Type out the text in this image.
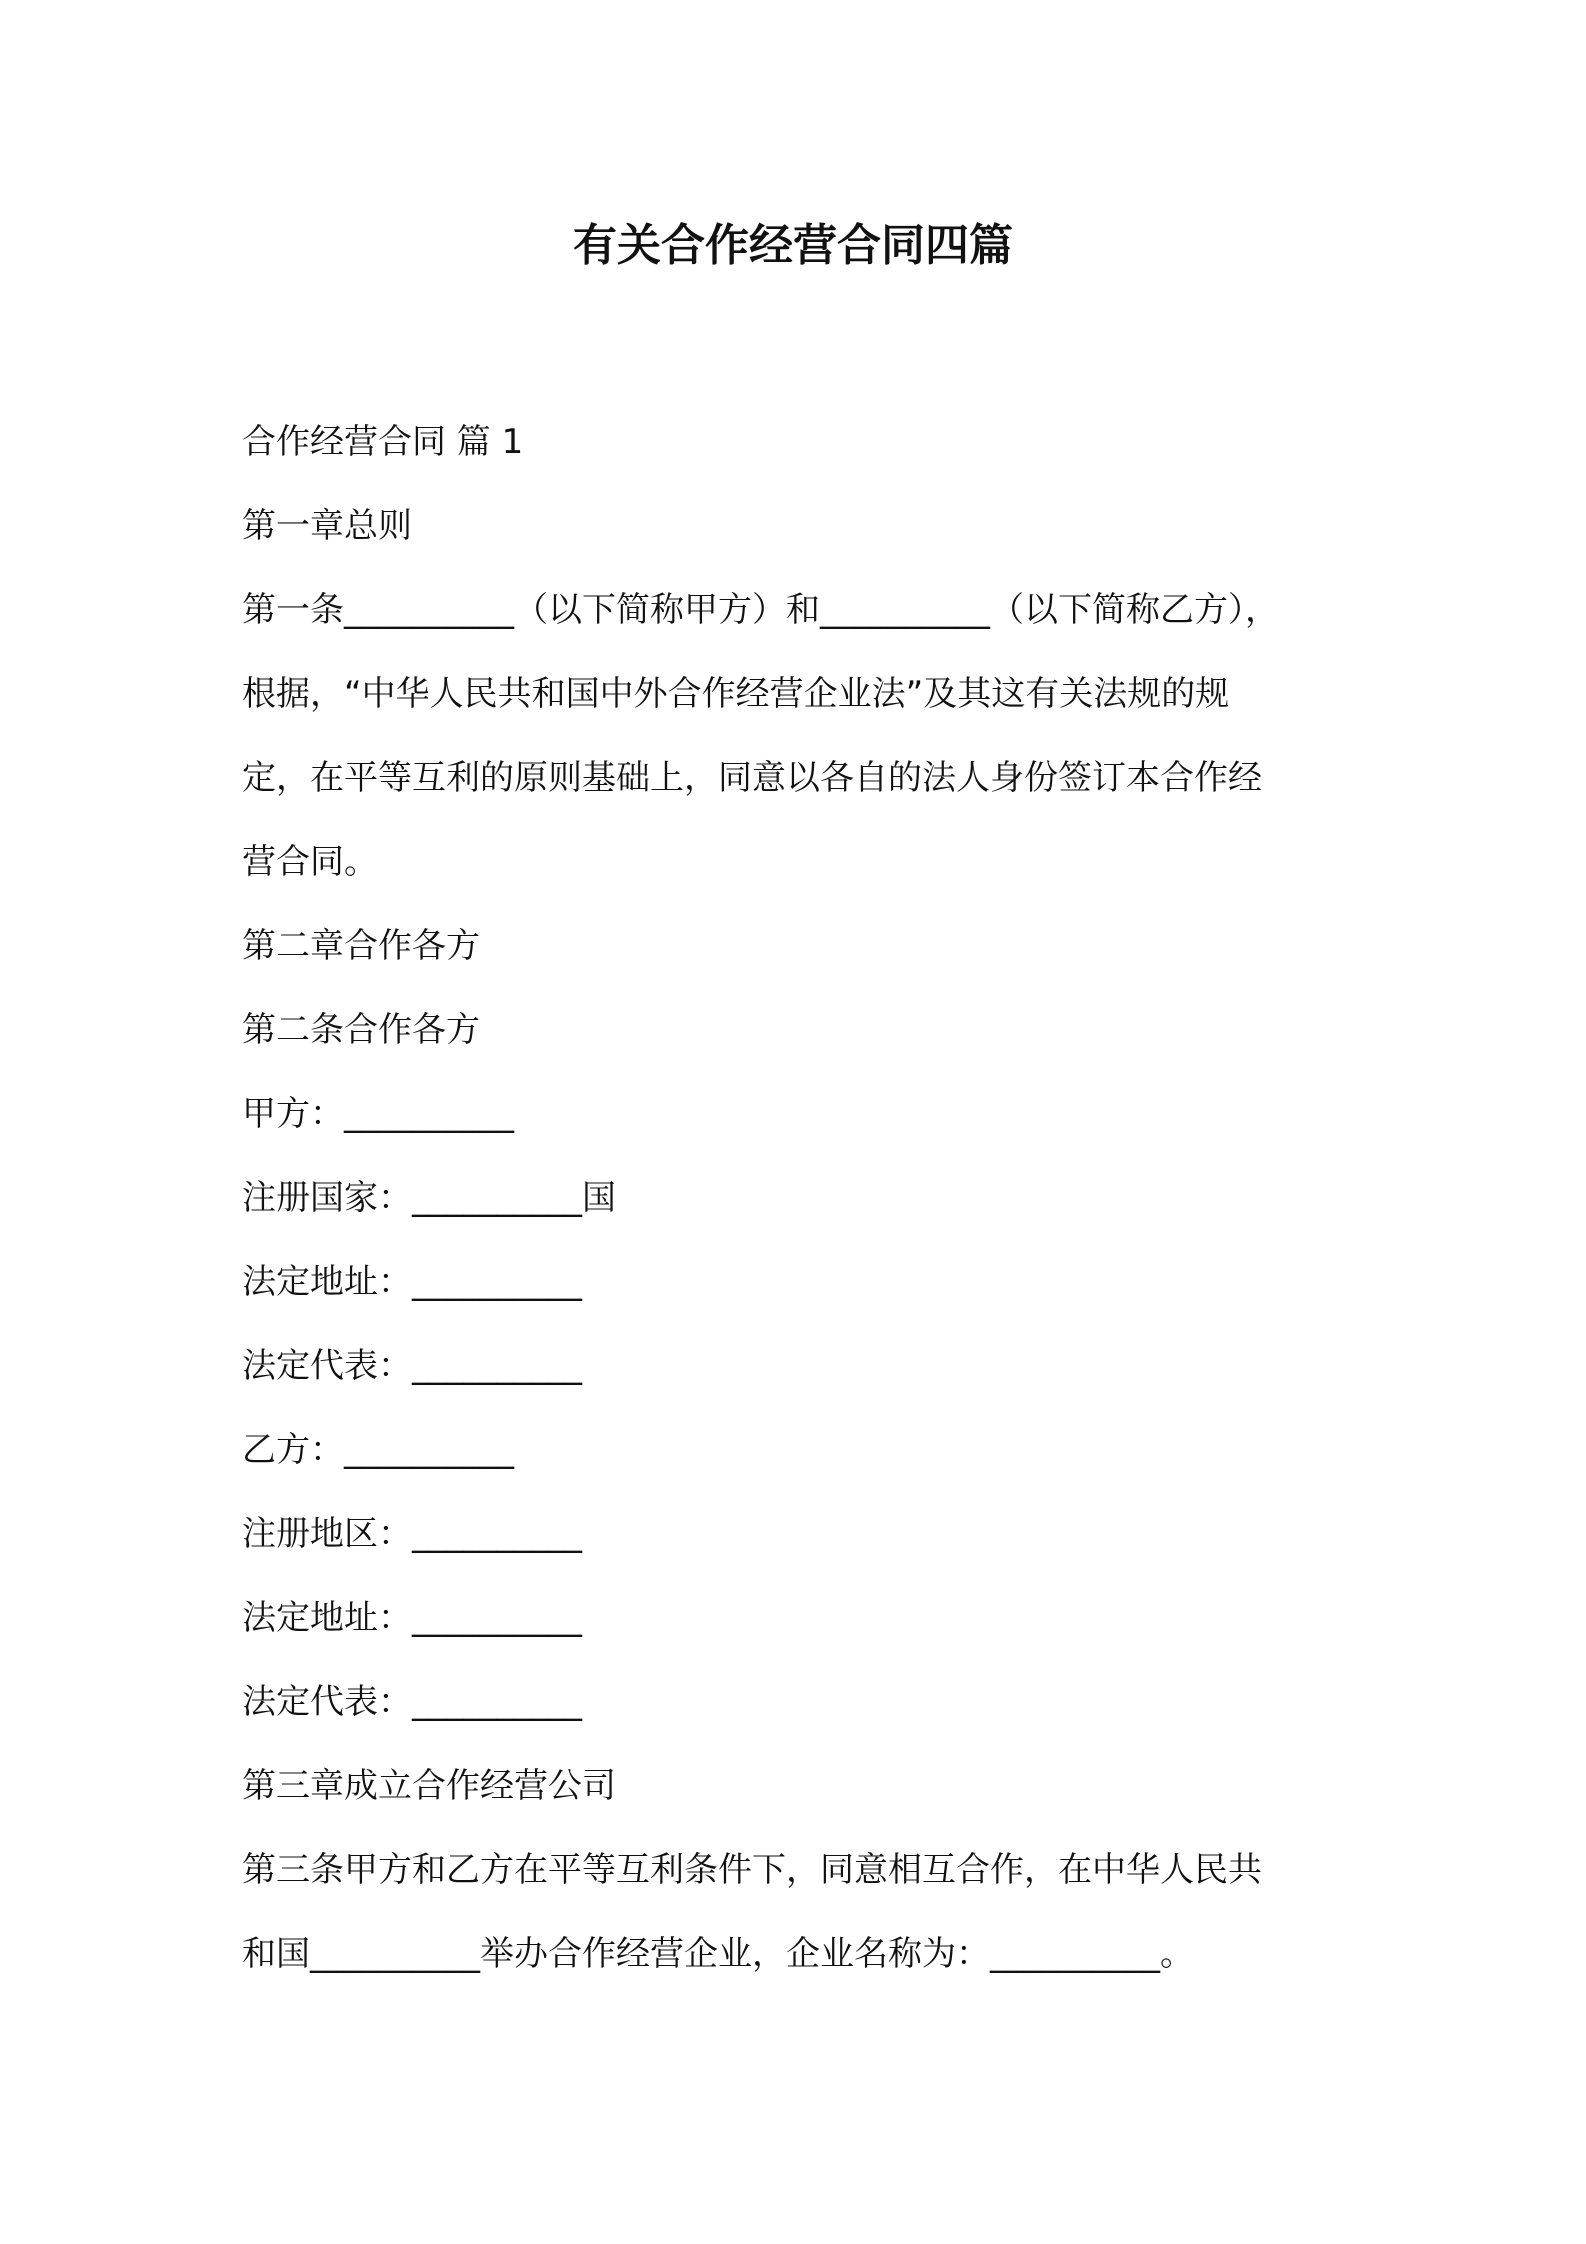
有关合作经营合同四篇

合作经营合同 篇 1

第一章总则

第一条__________（以下简称甲方）和__________（以下简称乙方），

根据，“中华人民共和国中外合作经营企业法”及其这有关法规的规

定，在平等互利的原则基础上，同意以各自的法人身份签订本合作经

营合同。

第二章合作各方

第二条合作各方

甲方：__________

注册国家：__________国

法定地址：__________

法定代表：__________

乙方：__________

注册地区：__________

法定地址：__________

法定代表：__________

第三章成立合作经营公司

第三条甲方和乙方在平等互利条件下，同意相互合作，在中华人民共

和国__________举办合作经营企业，企业名称为：__________。
